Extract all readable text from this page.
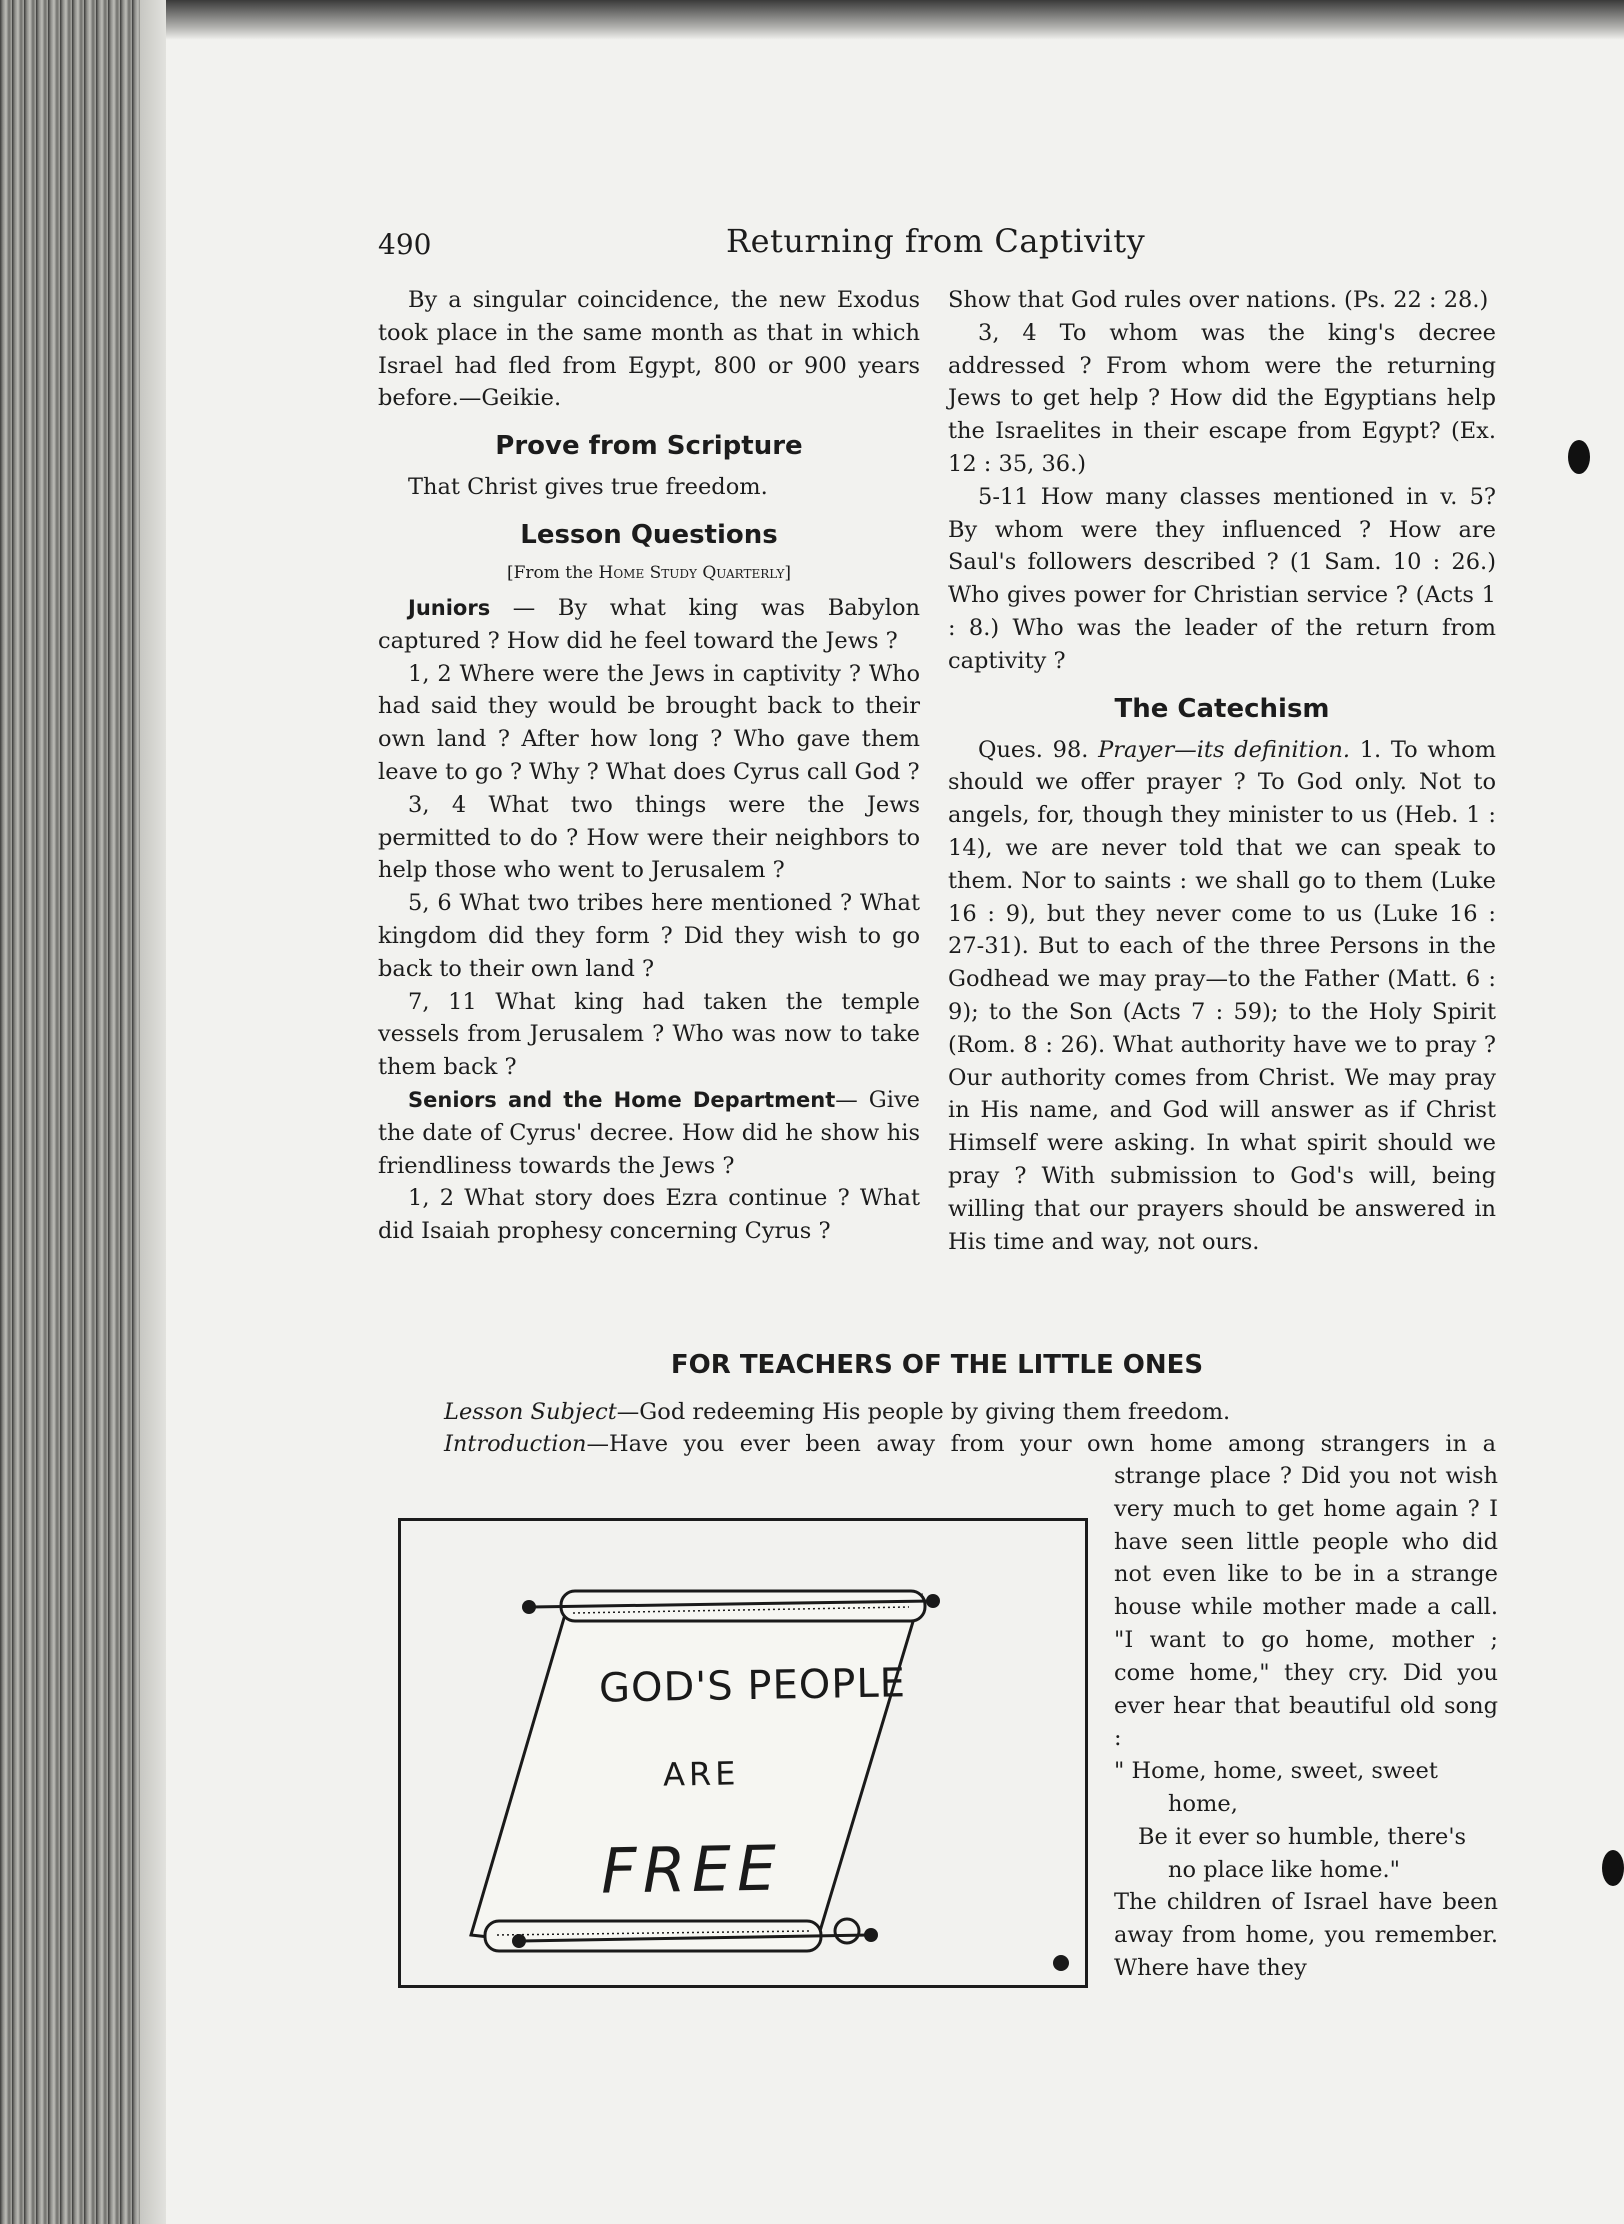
490	Returning from Captivity

By a singular coincidence, the new Exodus took place in the same month as that in which Israel had fled from Egypt, 800 or 900 years before.—Geikie.

Prove from Scripture

That Christ gives true freedom.

Lesson Questions
[From the Home Study Quarterly]

Juniors — By what king was Babylon captured ? How did he feel toward the Jews ?

1, 2 Where were the Jews in captivity ? Who had said they would be brought back to their own land ? After how long ? Who gave them leave to go ? Why ? What does Cyrus call God ?

3, 4 What two things were the Jews permitted to do ? How were their neighbors to help those who went to Jerusalem ?

5, 6 What two tribes here mentioned ? What kingdom did they form ? Did they wish to go back to their own land ?

7, 11 What king had taken the temple vessels from Jerusalem ? Who was now to take them back ?

Seniors and the Home Department— Give the date of Cyrus' decree. How did he show his friendliness towards the Jews ?

1, 2 What story does Ezra continue ? What did Isaiah prophesy concerning Cyrus ?

Show that God rules over nations. (Ps. 22 : 28.)

3, 4 To whom was the king's decree addressed ? From whom were the returning Jews to get help ? How did the Egyptians help the Israelites in their escape from Egypt? (Ex. 12 : 35, 36.)

5-11 How many classes mentioned in v. 5? By whom were they influenced ? How are Saul's followers described ? (1 Sam. 10 : 26.) Who gives power for Christian service ? (Acts 1 : 8.) Who was the leader of the return from captivity ?

The Catechism

Ques. 98. Prayer—its definition. 1. To whom should we offer prayer ? To God only. Not to angels, for, though they minister to us (Heb. 1 : 14), we are never told that we can speak to them. Nor to saints : we shall go to them (Luke 16 : 9), but they never come to us (Luke 16 : 27-31). But to each of the three Persons in the Godhead we may pray—to the Father (Matt. 6 : 9); to the Son (Acts 7 : 59); to the Holy Spirit (Rom. 8 : 26). What authority have we to pray ? Our authority comes from Christ. We may pray in His name, and God will answer as if Christ Himself were asking. In what spirit should we pray ? With submission to God's will, being willing that our prayers should be answered in His time and way, not ours.

FOR TEACHERS OF THE LITTLE ONES
Lesson Subject—God redeeming His people by giving them freedom.
Introduction—Have you ever been away from your own home among strangers in a

strange place ? Did you not wish very much to get home again ? I have seen little people who did not even like to be in a strange house while mother made a call. "I want to go home, mother ; come home," they cry. Did you ever hear that beautiful old song :

" Home, home, sweet, sweet
home,
Be it ever so humble, there's
no place like home."

The children of Israel have been away from home, you remember. Where have they

GOD'S PEOPLE
ARE
FREE
